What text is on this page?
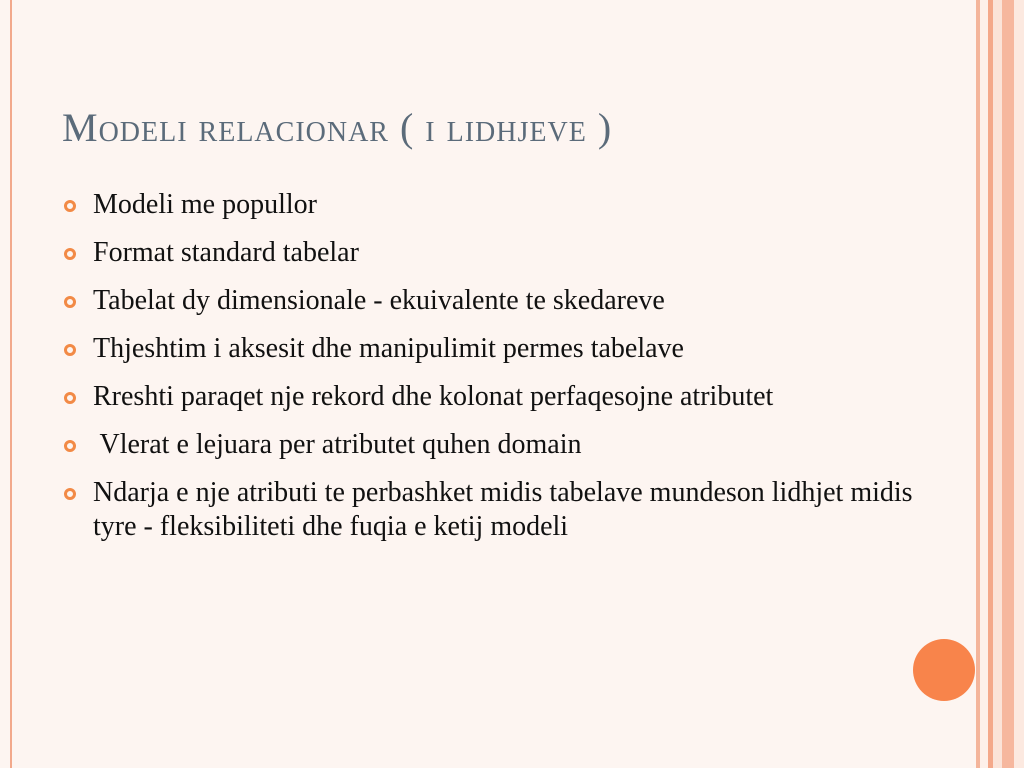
Modeli relacionar ( i lidhjeve )
Modeli me popullor
Format standard tabelar
Tabelat dy dimensionale - ekuivalente te skedareve
Thjeshtim i aksesit dhe manipulimit permes tabelave
Rreshti paraqet nje rekord dhe kolonat perfaqesojne atributet
Vlerat e lejuara per atributet quhen domain
Ndarja e nje atributi te perbashket midis tabelave mundeson lidhjet midis tyre - fleksibiliteti dhe fuqia e ketij modeli
